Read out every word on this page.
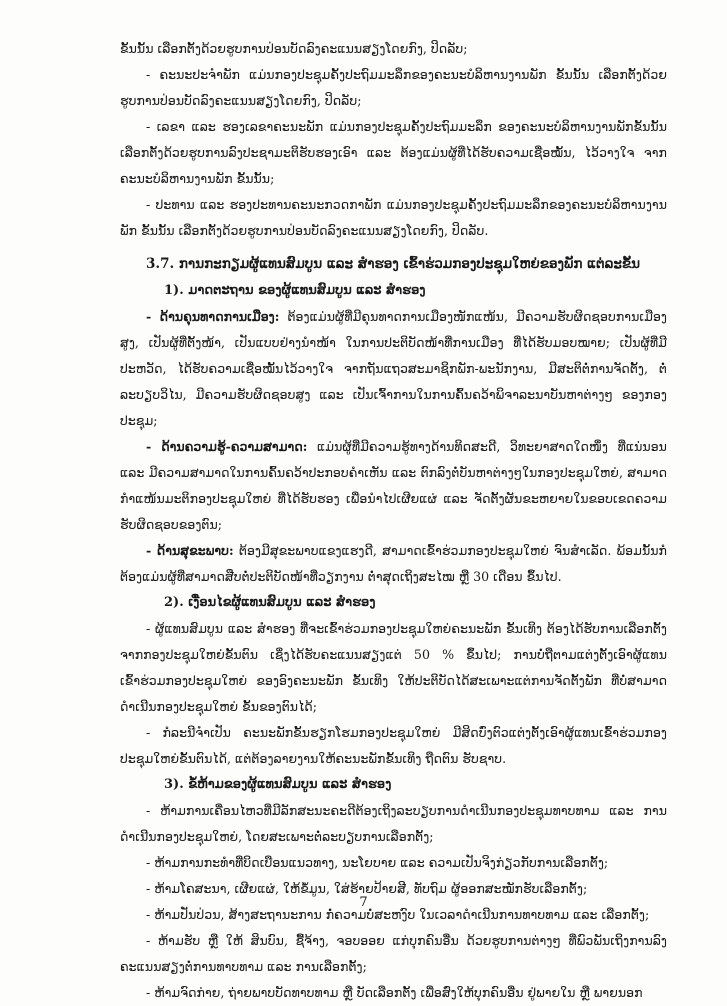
ຂັ້ນນັ້ນ ເລືອກຕັ້ງດ້ວຍຮູບການປ່ອນບັດລົງຄະແນນສຽງໂດຍກົງ, ປິດລັບ;

- ຄະນະປະຈຳພັກ ແມ່ນກອງປະຊຸມຄັ້ງປະຖົມມະລຶກຂອງຄະນະບໍລິຫານງານພັກ ຂັ້ນນັ້ນ ເລືອກຕັ້ງດ້ວຍຮູບການປ່ອນບັດລົງຄະແນນສຽງໂດຍກົງ, ປິດລັບ;

- ເລຂາ ແລະ ຮອງເລຂາຄະນະພັກ ແມ່ນກອງປະຊຸມຄັ້ງປະຖົມມະລຶກ ຂອງຄະນະບໍລິຫານງານພັກຂັ້ນນັ້ນ ເລືອກຕັ້ງດ້ວຍຮູບການລົງປະຊາມະຕິຮັບຮອງເອົາ ແລະ ຕ້ອງແມ່ນຜູ້ທີ່ໄດ້ຮັບຄວາມເຊື່ອໝັ້ນ, ໄວ້ວາງໃຈ ຈາກຄະນະບໍລິຫານງານພັກ ຂັ້ນນັ້ນ;

- ປະທານ ແລະ ຮອງປະທານຄະນະກວດກາພັກ ແມ່ນກອງປະຊຸມຄັ້ງປະຖົມມະລຶກຂອງຄະນະບໍລິຫານງານພັກ ຂັ້ນນັ້ນ ເລືອກຕັ້ງດ້ວຍຮູບການປ່ອນບັດລົງຄະແນນສຽງໂດຍກົງ, ປິດລັບ.

3.7. ການກະກຽມຜູ້ແທນສົມບູນ ແລະ ສຳຮອງ ເຂົ້າຮ່ວມກອງປະຊຸມໃຫຍ່ຂອງພັກ ແຕ່ລະຂັ້ນ
1). ມາດຕະຖານ ຂອງຜູ້ແທນສົມບູນ ແລະ ສຳຮອງ

- ດ້ານຄຸນທາດການເມືອງ: ຕ້ອງແມ່ນຜູ້ທີ່ມີຄຸນທາດການເມືອງໜັກແໜ້ນ, ມີຄວາມຮັບຜິດຊອບການເມືອງສູງ, ເປັນຜູ້ທີ່ຕັ້ງໜ້າ, ເປັນແບບຢ່າງນຳໜ້າ ໃນການປະຕິບັດໜ້າທີ່ການເມືອງ ທີ່ໄດ້ຮັບມອບໝາຍ; ເປັນຜູ້ທີ່ມີປະຫວັດ, ໄດ້ຮັບຄວາມເຊື່ອໝັ້ນໄວ້ວາງໃຈ ຈາກຖັນແຖວສະມາຊິກພັກ-ພະນັກງານ, ມີສະຕິຕໍ່ການຈັດຕັ້ງ, ຕໍ່ລະບຽບວິໄນ, ມີຄວາມຮັບຜິດຊອບສູງ ແລະ ເປັນເຈົ້າການໃນການຄົ້ນຄວ້າພິຈາລະນາບັນຫາຕ່າງໆ ຂອງກອງປະຊຸມ;

- ດ້ານຄວາມຮູ້-ຄວາມສາມາດ: ແມ່ນຜູ້ທີ່ມີຄວາມຮູ້ທາງດ້ານທິດສະດີ, ວິທະຍາສາດໃດໜຶ່ງ ທີ່ແນ່ນອນ ແລະ ມີຄວາມສາມາດໃນການຄົ້ນຄວ້າປະກອບຄຳເຫັນ ແລະ ຕົກລົງຕໍ່ບັນຫາຕ່າງໆໃນກອງປະຊຸມໃຫຍ່, ສາມາດກຳແໜ້ນມະຕິກອງປະຊຸມໃຫຍ່ ທີ່ໄດ້ຮັບຮອງ ເພື່ອນຳໄປເຜີຍແຜ່ ແລະ ຈັດຕັ້ງຜັນຂະຫຍາຍໃນຂອບເຂດຄວາມຮັບຜິດຊອບຂອງຕົນ;

- ດ້ານສຸຂະພາບ: ຕ້ອງມີສຸຂະພາບແຂງແຮງດີ, ສາມາດເຂົ້າຮ່ວມກອງປະຊຸມໃຫຍ່ ຈົນສຳເລັດ. ພ້ອມນັ້ນກໍຕ້ອງແມ່ນຜູ້ທີ່ສາມາດສືບຕໍ່ປະຕິບັດໜ້າທີ່ວຽກງານ ຕ່ຳສຸດເຖິງສະໄໝ ຫຼື 30 ເດືອນ ຂຶ້ນໄປ.

2). ເງື່ອນໄຂຜູ້ແທນສົມບູນ ແລະ ສຳຮອງ

- ຜູ້ແທນສົມບູນ ແລະ ສຳຮອງ ທີ່ຈະເຂົ້າຮ່ວມກອງປະຊຸມໃຫຍ່ຄະນະພັກ ຂັ້ນເທິງ ຕ້ອງໄດ້ຮັບການເລືອກຕັ້ງຈາກກອງປະຊຸມໃຫຍ່ຂັ້ນຕົນ ເຊິ່ງໄດ້ຮັບຄະແນນສຽງແຕ່ 50 % ຂຶ້ນໄປ; ການບໍ່ຖືຕາມແຕ່ງຕັ້ງເອົາຜູ້ແທນເຂົ້າຮ່ວມກອງປະຊຸມໃຫຍ່ ຂອງອົງຄະນະພັກ ຂັ້ນເທິງ ໃຫ້ປະຕິບັດໄດ້ສະເພາະແຕ່ການຈັດຕັ້ງພັກ ທີ່ບໍ່ສາມາດດຳເນີນກອງປະຊຸມໃຫຍ່ ຂັ້ນຂອງຕົນໄດ້;

- ກໍລະນີຈຳເປັນ ຄະນະພັກຂັ້ນຮຽກໂຮມກອງປະຊຸມໃຫຍ່ ມີສິດບົ່ງຕົວແຕ່ງຕັ້ງເອົາຜູ້ແທນເຂົ້າຮ່ວມກອງປະຊຸມໃຫຍ່ຂັ້ນຕົນໄດ້, ແຕ່ຕ້ອງລາຍງານໃຫ້ຄະນະພັກຂັ້ນເທິງ ຖືດຕົນ ຮັບຊາບ.

3). ຂໍ້ຫ້າມຂອງຜູ້ແທນສົມບູນ ແລະ ສຳຮອງ

- ຫ້າມການເຄື່ອນໄຫວທີ່ມີລັກສະນະຄະດີຕ້ອງເຖິງລະບຽບການດຳເນີນກອງປະຊຸມທາບທາມ ແລະ ການດຳເນີນກອງປະຊຸມໃຫຍ່, ໂດຍສະເພາະຕໍ່ລະບຽບການເລືອກຕັ້ງ;

- ຫ້າມການກະທຳທີ່ບິດເບືອນແນວທາງ, ນະໂຍບາຍ ແລະ ຄວາມເປັນຈິງກ່ຽວກັບການເລືອກຕັ້ງ;

- ຫ້າມໂຄສະນາ, ເຜີຍແຜ່, ໃຫ້ຂໍ້ມູນ, ໃສ່ຮ້າຍປ້າຍສີ, ທັບຖົມ ຜູ້ອອກສະໝັກຮັບເລືອກຕັ້ງ;

- ຫ້າມປັ່ນປ່ວນ, ສ້າງສະຖານະການ ກໍ່ຄວາມບໍ່ສະຫງົບ ໃນເວລາດຳເນີນການທາບທາມ ແລະ ເລືອກຕັ້ງ;

- ຫ້າມຮັບ ຫຼື ໃຫ້ ສິນບົນ, ຊື້ຈ້າງ, ຈອບອອຍ ແກ່ບຸກຄົນອື່ນ ດ້ວຍຮູບການຕ່າງໆ ທີ່ພົວພັນເຖິງການລົງຄະແນນສຽງຕໍ່ການທາບທາມ ແລະ ການເລືອກຕັ້ງ;

- ຫ້າມຈົດກ່າຍ, ຖ່າຍພາບບັດທາບທາມ ຫຼື ບັດເລືອກຕັ້ງ ເພື່ອສົ່ງໃຫ້ບຸກຄົນອື່ນ ຢູ່ພາຍໃນ ຫຼື ພາຍນອກ

7
